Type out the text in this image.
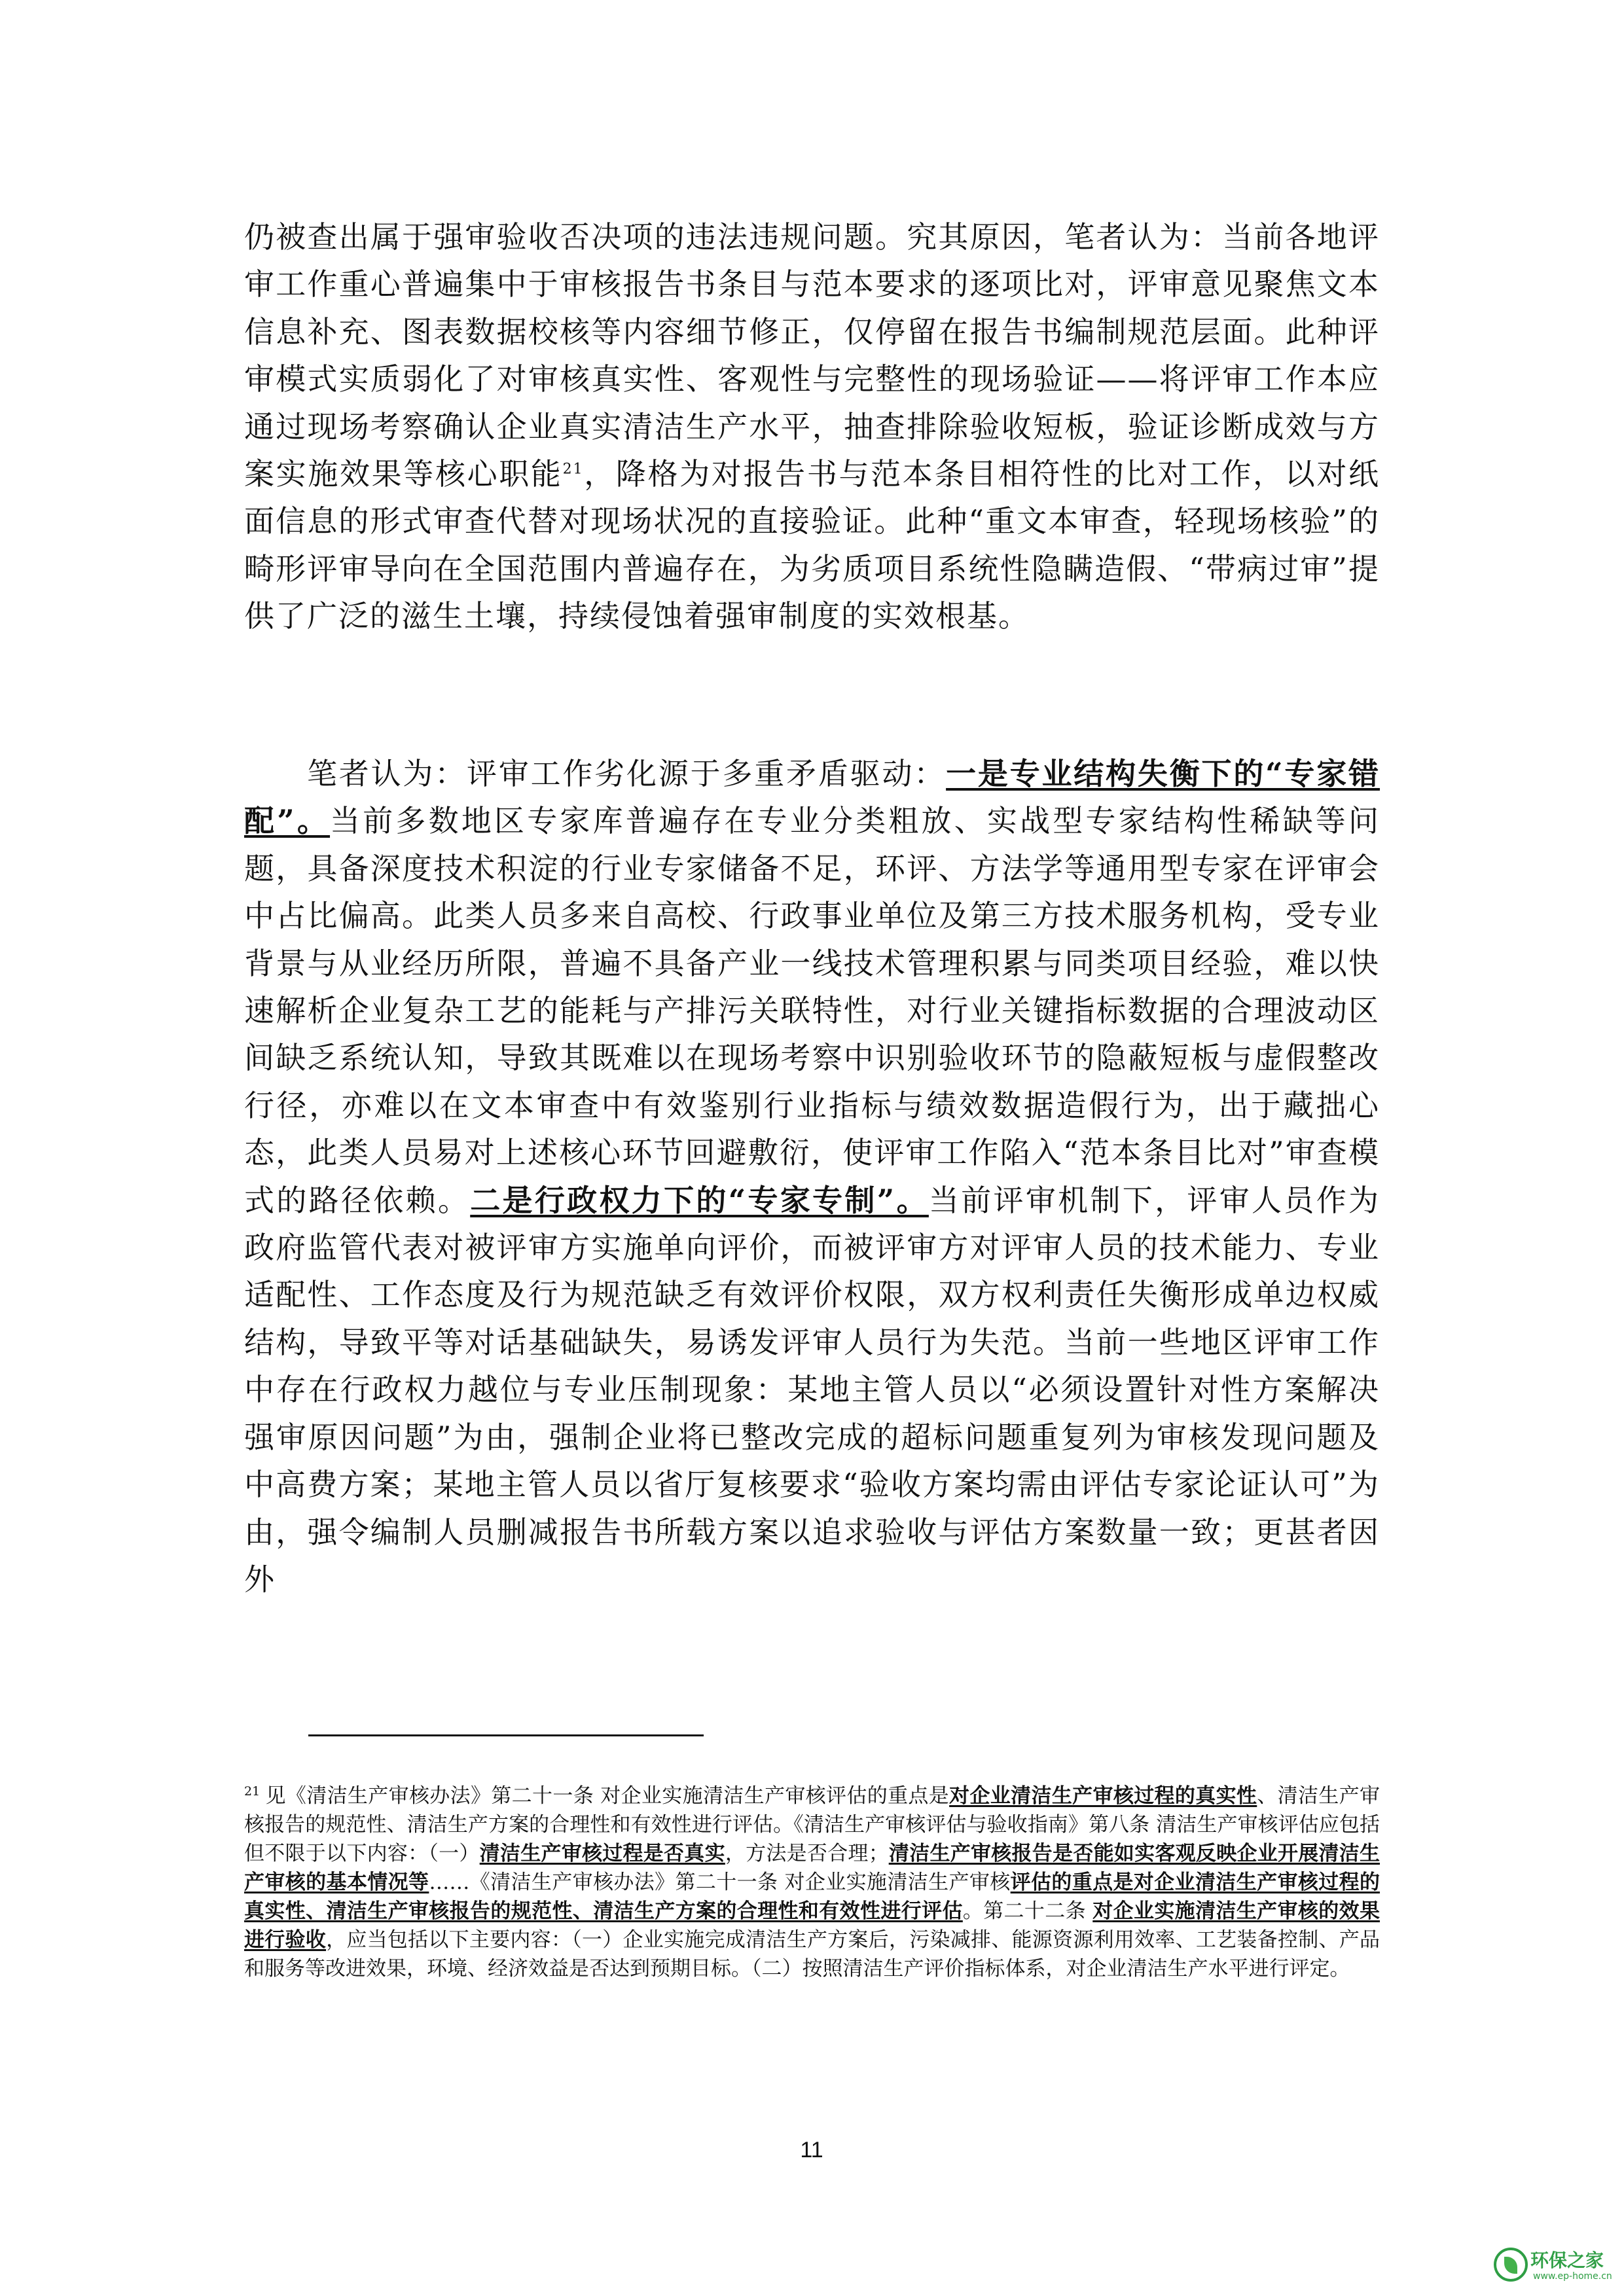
仍被查出属于强审验收否决项的违法违规问题。究其原因，笔者认为：当前各地评审工作重心普遍集中于审核报告书条目与范本要求的逐项比对，评审意见聚焦文本信息补充、图表数据校核等内容细节修正，仅停留在报告书编制规范层面。此种评审模式实质弱化了对审核真实性、客观性与完整性的现场验证——将评审工作本应通过现场考察确认企业真实清洁生产水平，抽查排除验收短板，验证诊断成效与方案实施效果等核心职能$^{21}$，降格为对报告书与范本条目相符性的比对工作，以对纸面信息的形式审查代替对现场状况的直接验证。此种“重文本审查，轻现场核验”的畸形评审导向在全国范围内普遍存在，为劣质项目系统性隐瞒造假、“带病过审”提供了广泛的滋生土壤，持续侵蚀着强审制度的实效根基。

笔者认为：评审工作劣化源于多重矛盾驱动：一是专业结构失衡下的“专家错配”。当前多数地区专家库普遍存在专业分类粗放、实战型专家结构性稀缺等问题，具备深度技术积淀的行业专家储备不足，环评、方法学等通用型专家在评审会中占比偏高。此类人员多来自高校、行政事业单位及第三方技术服务机构，受专业背景与从业经历所限，普遍不具备产业一线技术管理积累与同类项目经验，难以快速解析企业复杂工艺的能耗与产排污关联特性，对行业关键指标数据的合理波动区间缺乏系统认知，导致其既难以在现场考察中识别验收环节的隐蔽短板与虚假整改行径，亦难以在文本审查中有效鉴别行业指标与绩效数据造假行为，出于藏拙心态，此类人员易对上述核心环节回避敷衍，使评审工作陷入“范本条目比对”审查模式的路径依赖。二是行政权力下的“专家专制”。当前评审机制下，评审人员作为政府监管代表对被评审方实施单向评价，而被评审方对评审人员的技术能力、专业适配性、工作态度及行为规范缺乏有效评价权限，双方权利责任失衡形成单边权威结构，导致平等对话基础缺失，易诱发评审人员行为失范。当前一些地区评审工作中存在行政权力越位与专业压制现象：某地主管人员以“必须设置针对性方案解决强审原因问题”为由，强制企业将已整改完成的超标问题重复列为审核发现问题及中高费方案；某地主管人员以省厅复核要求“验收方案均需由评估专家论证认可”为由，强令编制人员删减报告书所载方案以追求验收与评估方案数量一致；更甚者因外

$^{21}$ 见《清洁生产审核办法》第二十一条 对企业实施清洁生产审核评估的重点是对企业清洁生产审核过程的真实性、清洁生产审核报告的规范性、清洁生产方案的合理性和有效性进行评估。《清洁生产审核评估与验收指南》第八条 清洁生产审核评估应包括但不限于以下内容：（一）清洁生产审核过程是否真实，方法是否合理；清洁生产审核报告是否能如实客观反映企业开展清洁生产审核的基本情况等……《清洁生产审核办法》第二十一条 对企业实施清洁生产审核评估的重点是对企业清洁生产审核过程的真实性、清洁生产审核报告的规范性、清洁生产方案的合理性和有效性进行评估。第二十二条 对企业实施清洁生产审核的效果进行验收，应当包括以下主要内容：（一）企业实施完成清洁生产方案后，污染减排、能源资源利用效率、工艺装备控制、产品和服务等改进效果，环境、经济效益是否达到预期目标。（二）按照清洁生产评价指标体系，对企业清洁生产水平进行评定。

11
环保之家
www.ep-home.cn
